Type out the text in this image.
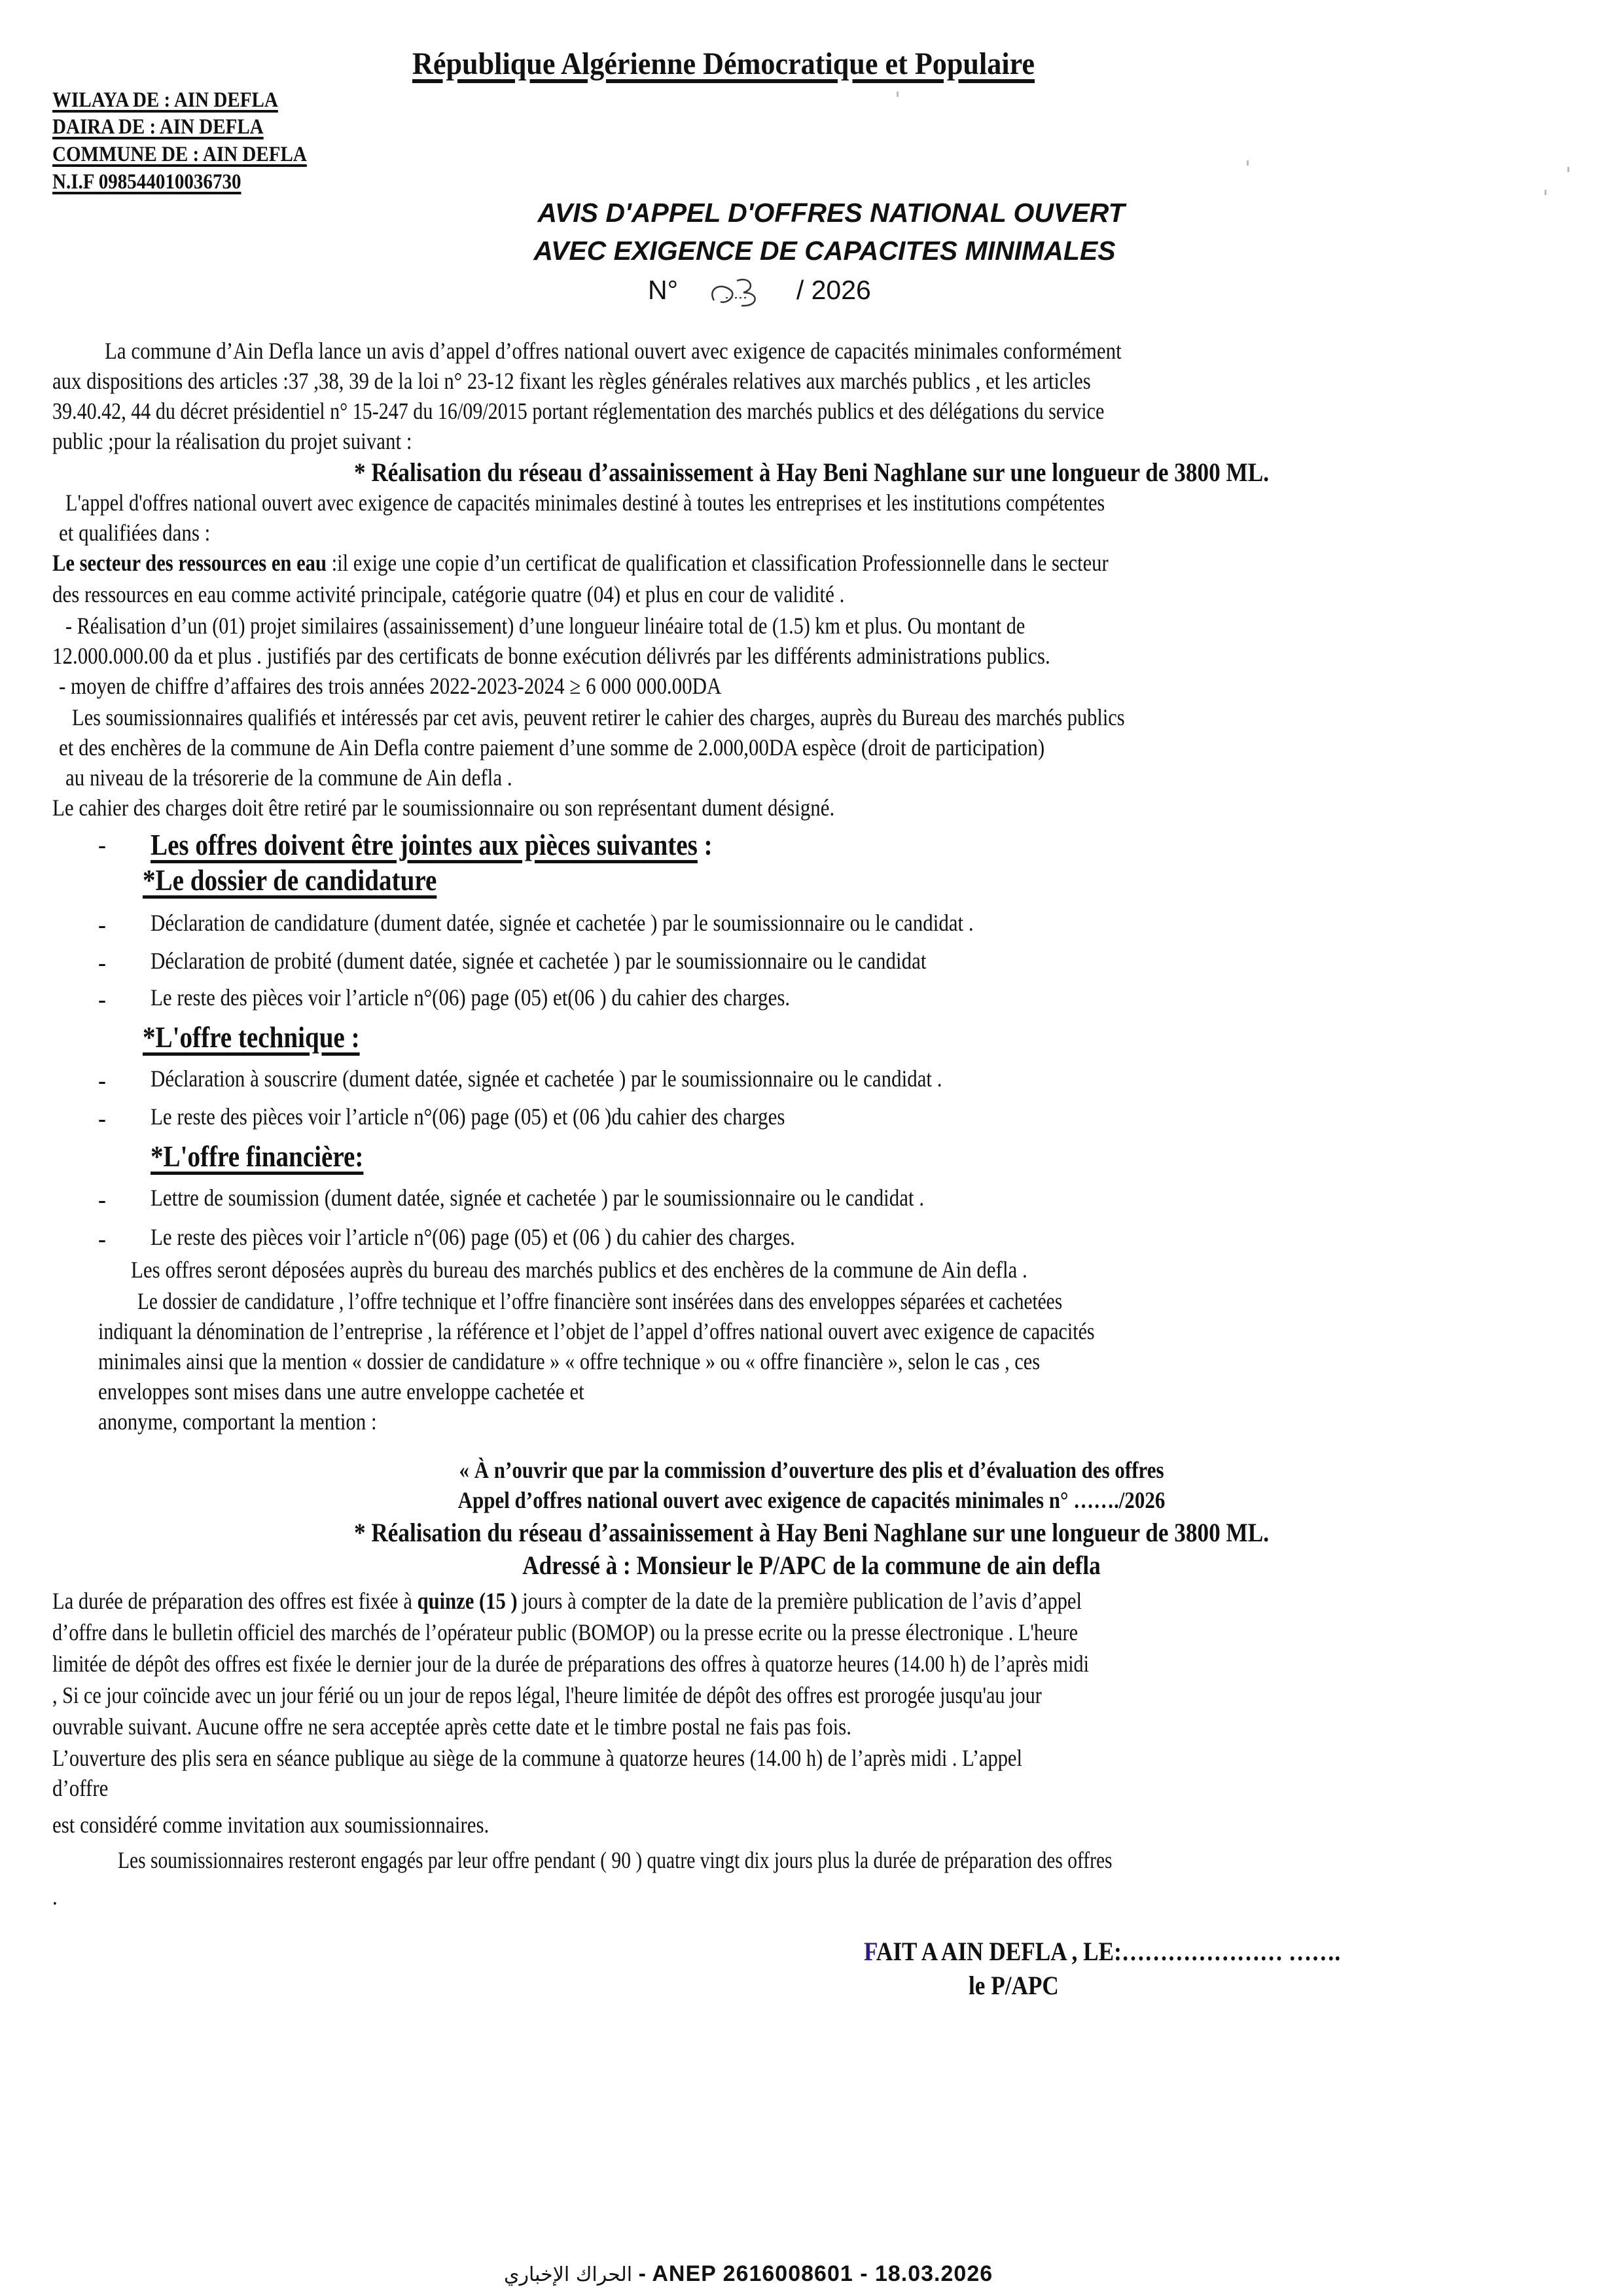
République Algérienne Démocratique et Populaire
WILAYA DE : AIN DEFLA
DAIRA DE : AIN DEFLA
COMMUNE DE : AIN DEFLA
N.I.F 098544010036730
AVIS D'APPEL D'OFFRES NATIONAL OUVERT
AVEC EXIGENCE DE CAPACITES MINIMALES
N°	/ 2026
La commune d’Ain Defla lance un avis d’appel d’offres national ouvert avec exigence de capacités minimales conformément
aux dispositions des articles :37 ,38, 39 de la loi n° 23-12 fixant les règles générales relatives aux marchés publics , et les articles
39.40.42, 44 du décret présidentiel n° 15-247 du 16/09/2015 portant réglementation des marchés publics et des délégations du service
public ;pour la réalisation du projet suivant :
* Réalisation du réseau d’assainissement à Hay Beni Naghlane sur une longueur de 3800 ML.
L'appel d'offres national ouvert avec exigence de capacités minimales destiné à toutes les entreprises et les institutions compétentes
et qualifiées dans :
Le secteur des ressources en eau :il exige une copie d’un certificat de qualification et classification Professionnelle dans le secteur
des ressources en eau comme activité principale, catégorie quatre (04) et plus en cour de validité .
- Réalisation d’un (01) projet similaires (assainissement) d’une longueur linéaire total de (1.5) km et plus. Ou montant de
12.000.000.00 da et plus . justifiés par des certificats de bonne exécution délivrés par les différents administrations publics.
- moyen de chiffre d’affaires des trois années 2022-2023-2024 ≥ 6 000 000.00DA
Les soumissionnaires qualifiés et intéressés par cet avis, peuvent retirer le cahier des charges, auprès du Bureau des marchés publics
et des enchères de la commune de Ain Defla contre paiement d’une somme de 2.000,00DA espèce (droit de participation)
au niveau de la trésorerie de la commune de Ain defla .
Le cahier des charges doit être retiré par le soumissionnaire ou son représentant dument désigné.
- Les offres doivent être jointes aux pièces suivantes :
*Le dossier de candidature
- Déclaration de candidature (dument datée, signée et cachetée ) par le soumissionnaire ou le candidat .
- Déclaration de probité (dument datée, signée et cachetée ) par le soumissionnaire ou le candidat
- Le reste des pièces voir l’article n°(06) page (05) et(06 ) du cahier des charges.
*L'offre technique :
- Déclaration à souscrire (dument datée, signée et cachetée ) par le soumissionnaire ou le candidat .
- Le reste des pièces voir l’article n°(06) page (05) et (06 )du cahier des charges
*L'offre financière:
- Lettre de soumission (dument datée, signée et cachetée ) par le soumissionnaire ou le candidat .
- Le reste des pièces voir l’article n°(06) page (05) et (06 ) du cahier des charges.
Les offres seront déposées auprès du bureau des marchés publics et des enchères de la commune de Ain defla .
Le dossier de candidature , l’offre technique et l’offre financière sont insérées dans des enveloppes séparées et cachetées
indiquant la dénomination de l’entreprise , la référence et l’objet de l’appel d’offres national ouvert avec exigence de capacités
minimales ainsi que la mention « dossier de candidature » « offre technique » ou « offre financière », selon le cas , ces
enveloppes sont mises dans une autre enveloppe cachetée et
anonyme, comportant la mention :
« À n’ouvrir que par la commission d’ouverture des plis et d’évaluation des offres
Appel d’offres national ouvert avec exigence de capacités minimales n° ……./2026
* Réalisation du réseau d’assainissement à Hay Beni Naghlane sur une longueur de 3800 ML.
Adressé à : Monsieur le P/APC de la commune de ain defla
La durée de préparation des offres est fixée à quinze (15 ) jours à compter de la date de la première publication de l’avis d’appel
d’offre dans le bulletin officiel des marchés de l’opérateur public (BOMOP) ou la presse ecrite ou la presse électronique . L'heure
limitée de dépôt des offres est fixée le dernier jour de la durée de préparations des offres à quatorze heures (14.00 h) de l’après midi
, Si ce jour coïncide avec un jour férié ou un jour de repos légal, l'heure limitée de dépôt des offres est prorogée jusqu'au jour
ouvrable suivant. Aucune offre ne sera acceptée après cette date et le timbre postal ne fais pas fois.
L’ouverture des plis sera en séance publique au siège de la commune à quatorze heures (14.00 h) de l’après midi . L’appel
d’offre
est considéré comme invitation aux soumissionnaires.
Les soumissionnaires resteront engagés par leur offre pendant ( 90 ) quatre vingt dix jours plus la durée de préparation des offres
.
FAIT A AIN DEFLA , LE:………………… …….
le P/APC
الحراك الإخباري - ANEP 2616008601 - 18.03.2026
